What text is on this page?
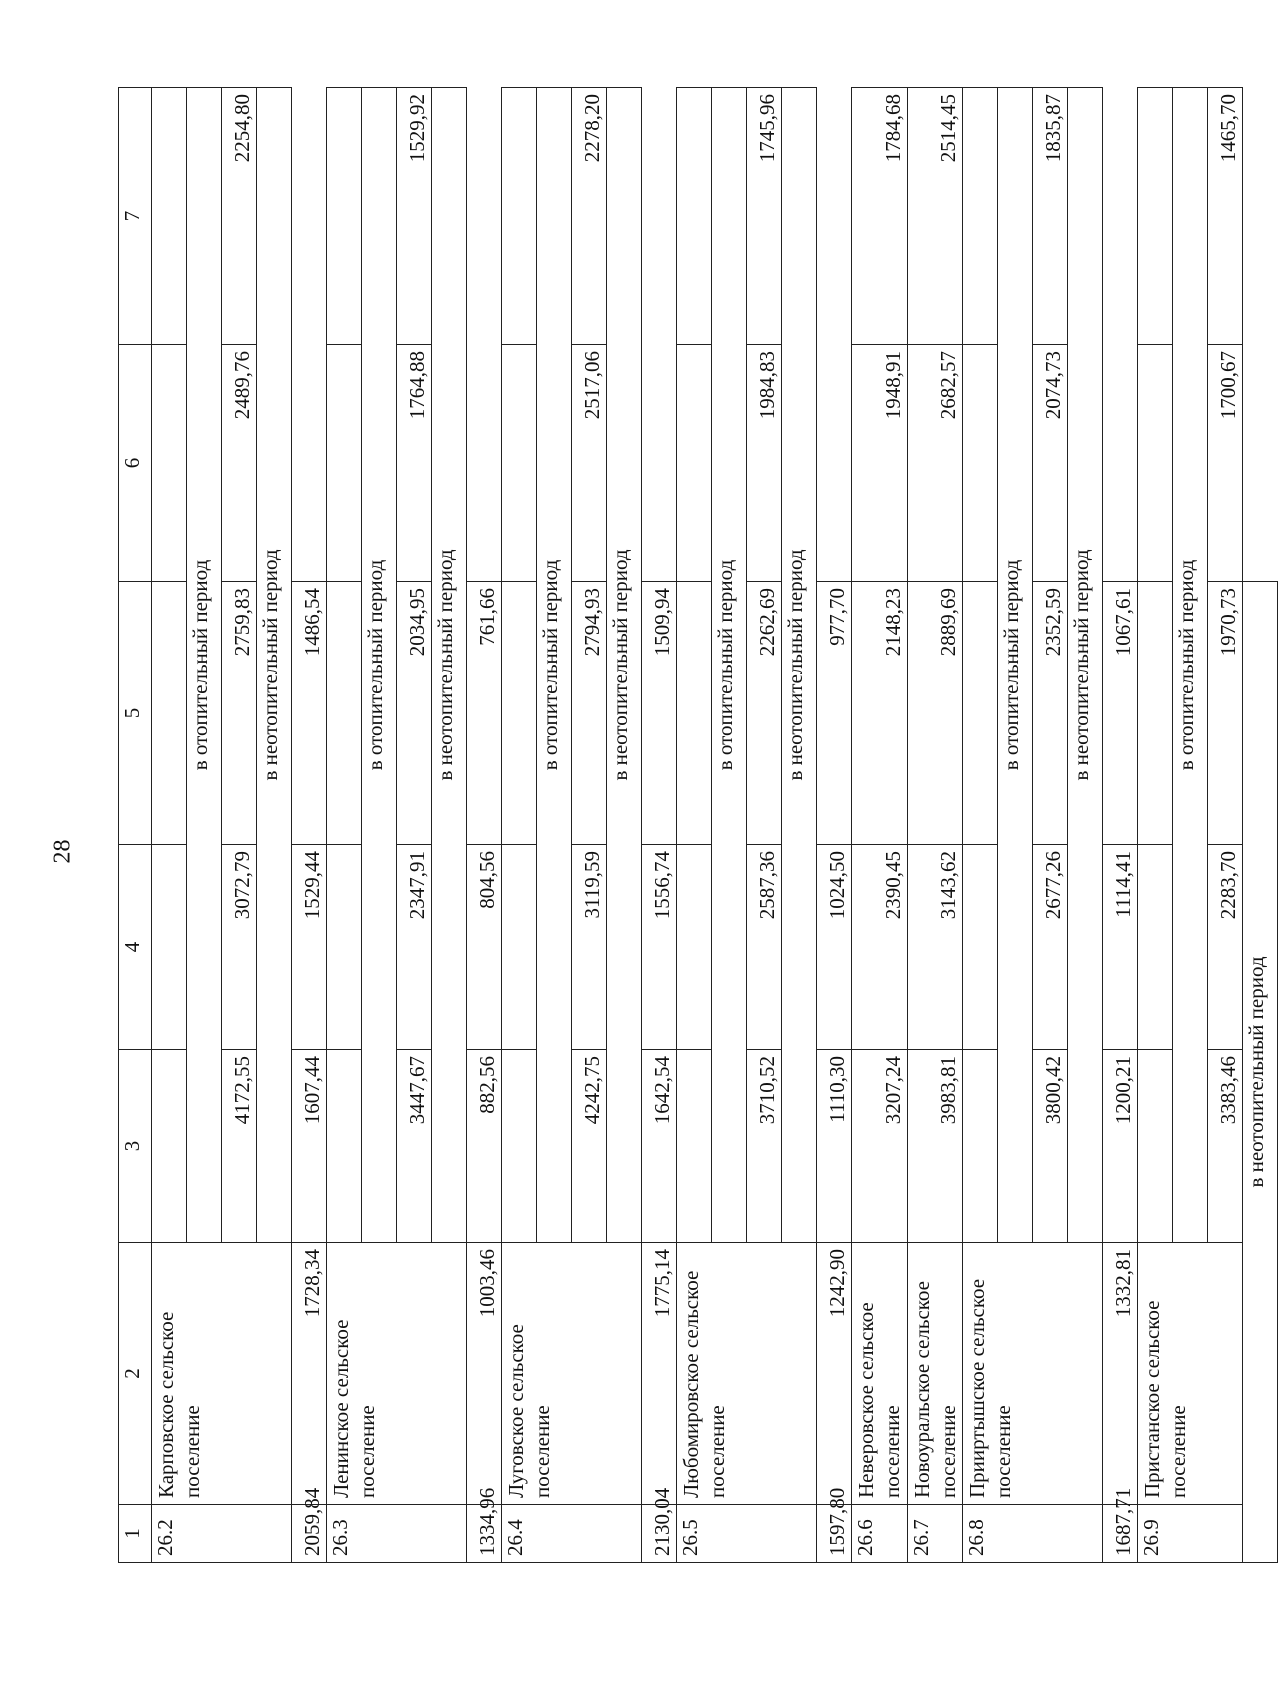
28
1	2	3	4	5	6	7
26.2	Карповское сельское поселение					
		в отопительный период				
		4172,55	3072,79	2759,83	2489,76	2254,80
		в неотопительный период				
2059,84	1728,34	1607,44	1529,44	1486,54		
26.3	Ленинское сельское поселение					
		в отопительный период				
		3447,67	2347,91	2034,95	1764,88	1529,92
		в неотопительный период				
1334,96	1003,46	882,56	804,56	761,66		
26.4	Луговское сельское поселение					
		в отопительный период				
		4242,75	3119,59	2794,93	2517,06	2278,20
		в неотопительный период				
2130,04	1775,14	1642,54	1556,74	1509,94		
26.5	Любомировское сельское поселение					
		в отопительный период				
		3710,52	2587,36	2262,69	1984,83	1745,96
		в неотопительный период				
1597,80	1242,90	1110,30	1024,50	977,70		
26.6	Неверовское сельское поселение	3207,24	2390,45	2148,23	1948,91	1784,68
26.7	Новоуральское сельское поселение	3983,81	3143,62	2889,69	2682,57	2514,45
26.8	Прииртышское сельское поселение					
		в отопительный период				
		3800,42	2677,26	2352,59	2074,73	1835,87
		в неотопительный период				
1687,71	1332,81	1200,21	1114,41	1067,61		
26.9	Пристанское сельское поселение					
		в отопительный период				
		3383,46	2283,70	1970,73	1700,67	1465,70
в неотопительный период						
